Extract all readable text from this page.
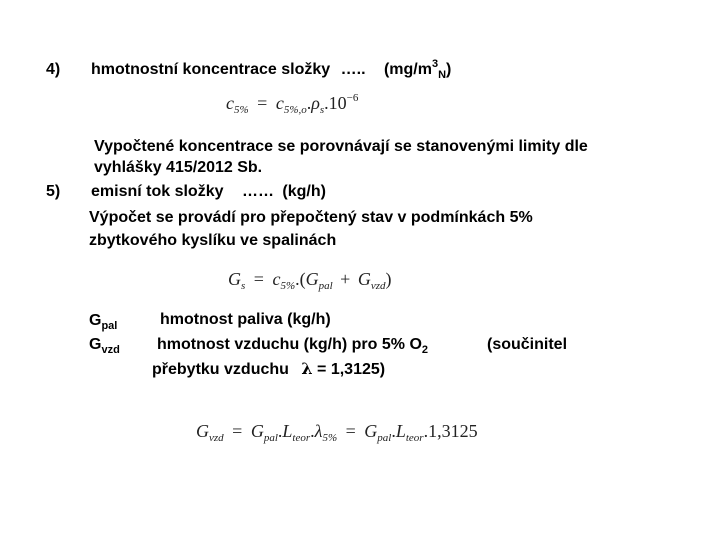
4) hmotnostní koncentrace složky ….. $(mg/m^3_N)$
$c_{5\%} = c_{5\%,o}.\rho_s.10^{-6}$
Vypočtené koncentrace se porovnávají se stanovenými limity dle
vyhlášky 415/2012 Sb.
5) emisní tok složky …… (kg/h)
Výpočet se provádí pro přepočtený stav v podmínkách 5%
zbytkového kyslíku ve spalinách
$G_s = c_{5\%}.(G_{pal} + G_{vzd})$
$G_{pal}$	hmotnost paliva (kg/h)
$G_{vzd}$ hmotnost vzduchu (kg/h) pro 5% $O_2$	(součinitel
přebytku vzduchu λ = 1,3125)
$G_{vzd} = G_{pal}.L_{teor}.\lambda_{5\%} = G_{pal}.L_{teor}.1,3125$
